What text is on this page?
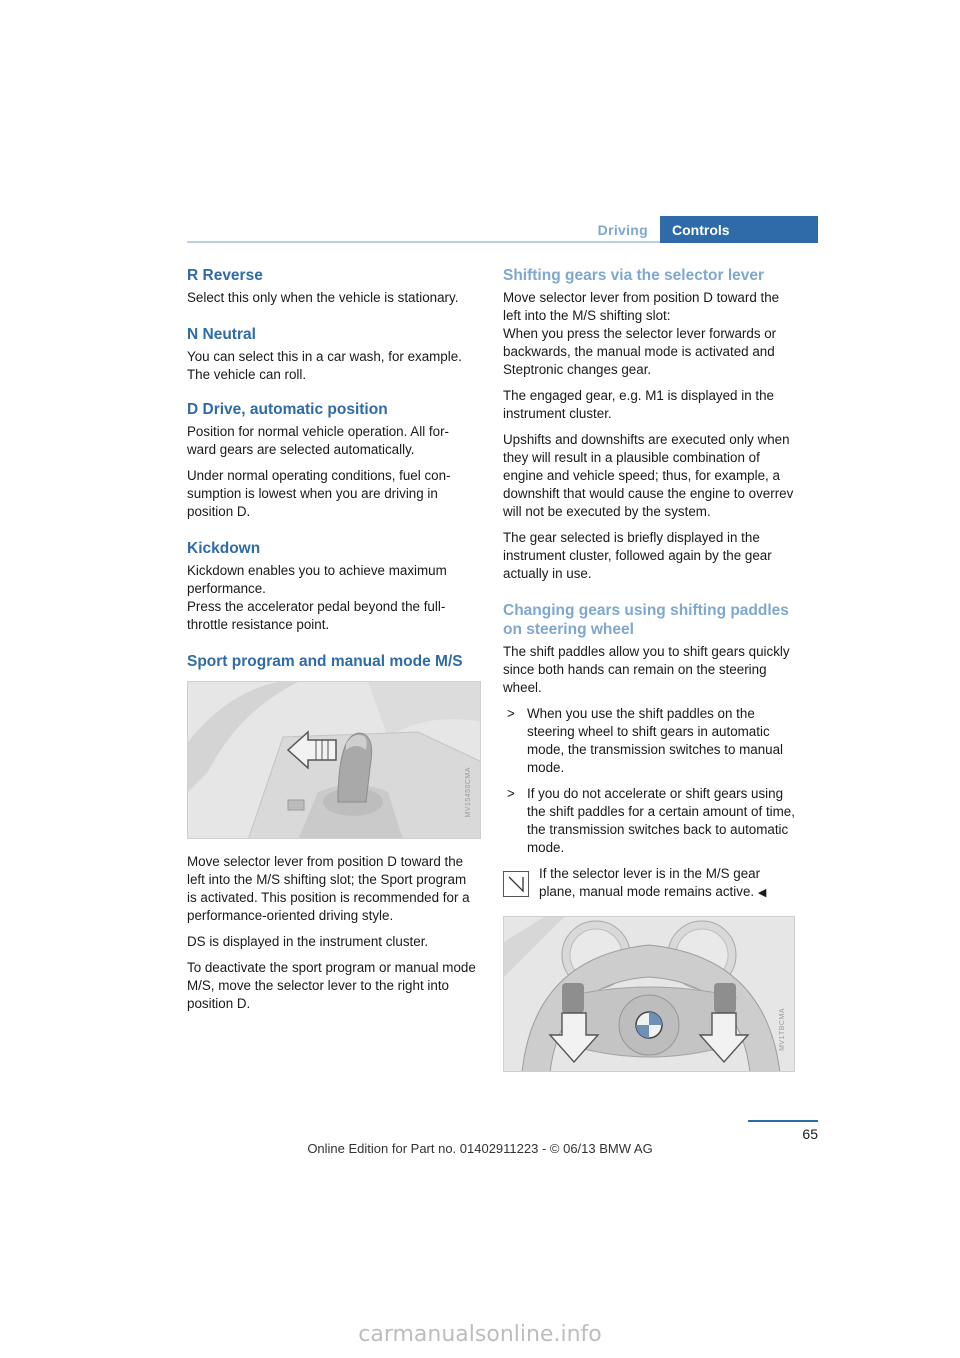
Driving	Controls
R Reverse

Select this only when the vehicle is stationary.

N Neutral

You can select this in a car wash, for example.
The vehicle can roll.

D Drive, automatic position

Position for normal vehicle operation. All for-ward gears are selected automatically.

Under normal operating conditions, fuel con-sumption is lowest when you are driving in position D.

Kickdown

Kickdown enables you to achieve maximum performance.
Press the accelerator pedal beyond the full-throttle resistance point.

Sport program and manual mode M/S
MV15450CMA

Move selector lever from position D toward the left into the M/S shifting slot; the Sport program is activated. This position is recommended for a performance-oriented driving style.

DS is displayed in the instrument cluster.

To deactivate the sport program or manual mode M/S, move the selector lever to the right into position D.

Shifting gears via the selector lever

Move selector lever from position D toward the left into the M/S shifting slot:
When you press the selector lever forwards or backwards, the manual mode is activated and Steptronic changes gear.

The engaged gear, e.g. M1 is displayed in the instrument cluster.

Upshifts and downshifts are executed only when they will result in a plausible combination of engine and vehicle speed; thus, for example, a downshift that would cause the engine to overrev will not be executed by the system.

The gear selected is briefly displayed in the instrument cluster, followed again by the gear actually in use.

Changing gears using shifting paddles on steering wheel

The shift paddles allow you to shift gears quickly since both hands can remain on the steering wheel.

> When you use the shift paddles on the steering wheel to shift gears in automatic mode, the transmission switches to manual mode.
> If you do not accelerate or shift gears using the shift paddles for a certain amount of time, the transmission switches back to automatic mode.
If the selector lever is in the M/S gear plane, manual mode remains active. ◀
MV1TBCMA
65
Online Edition for Part no. 01402911223 - © 06/13 BMW AG
carmanualsonline.info
